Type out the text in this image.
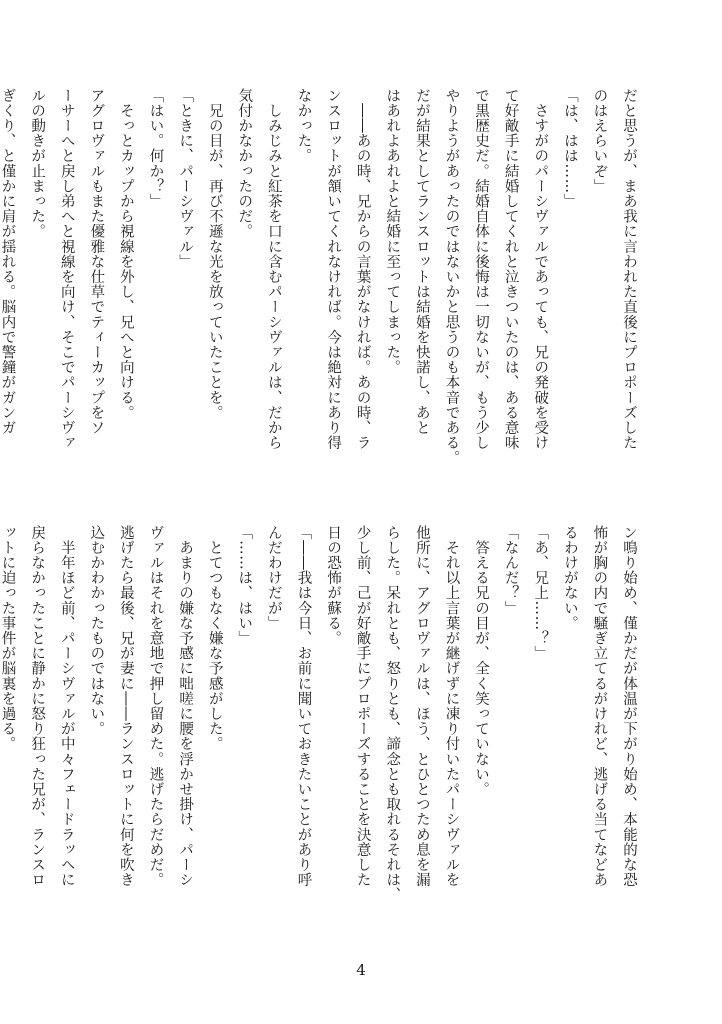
だと思うが、まあ我に言われた直後にプロポーズした
のはえらいぞ」
「は、はは……」
　さすがのパーシヴァルであっても、兄の発破を受け
て好敵手に結婚してくれと泣きついたのは、ある意味
で黒歴史だ。結婚自体に後悔は一切ないが、もう少し
やりようがあったのではないかと思うのも本音である。
だが結果としてランスロットは結婚を快諾し、あと
はあれよあれよと結婚に至ってしまった。
　――あの時、兄からの言葉がなければ。あの時、ラ
ンスロットが頷いてくれなければ。今は絶対にあり得
なかった。
　しみじみと紅茶を口に含むパーシヴァルは、だから
気付かなかったのだ。
　兄の目が、再び不遜な光を放っていたことを。
「ときに、パーシヴァル」
「はい。何か？」
　そっとカップから視線を外し、兄へと向ける。
アグロヴァルもまた優雅な仕草でティーカップをソ
ーサーへと戻し弟へと視線を向け、そこでパーシヴァ
ルの動きが止まった。
ぎくり、と僅かに肩が揺れる。脳内で警鐘がガンガ
ン鳴り始め、僅かだが体温が下がり始め、本能的な恐
怖が胸の内で騒ぎ立てるがけれど、逃げる当てなどあ
るわけがない。
「あ、兄上……？」
「なんだ？」
　答える兄の目が、全く笑っていない。
　それ以上言葉が継げずに凍り付いたパーシヴァルを
他所に、アグロヴァルは、ほう、とひとつため息を漏
らした。呆れとも、怒りとも、諦念とも取れるそれは、
少し前、己が好敵手にプロポーズすることを決意した
日の恐怖が蘇る。
「――我は今日、お前に聞いておきたいことがあり呼
んだわけだが」
「……は、はい」
　とてつもなく嫌な予感がした。
　あまりの嫌な予感に咄嗟に腰を浮かせ掛け、パーシ
ヴァルはそれを意地で押し留めた。逃げたらだめだ。
逃げたら最後、兄が妻に――ランスロットに何を吹き
込むかわかったものではない。
　半年ほど前、パーシヴァルが中々フェードラッヘに
戻らなかったことに静かに怒り狂った兄が、ランスロ
ットに迫った事件が脳裏を過る。
4
